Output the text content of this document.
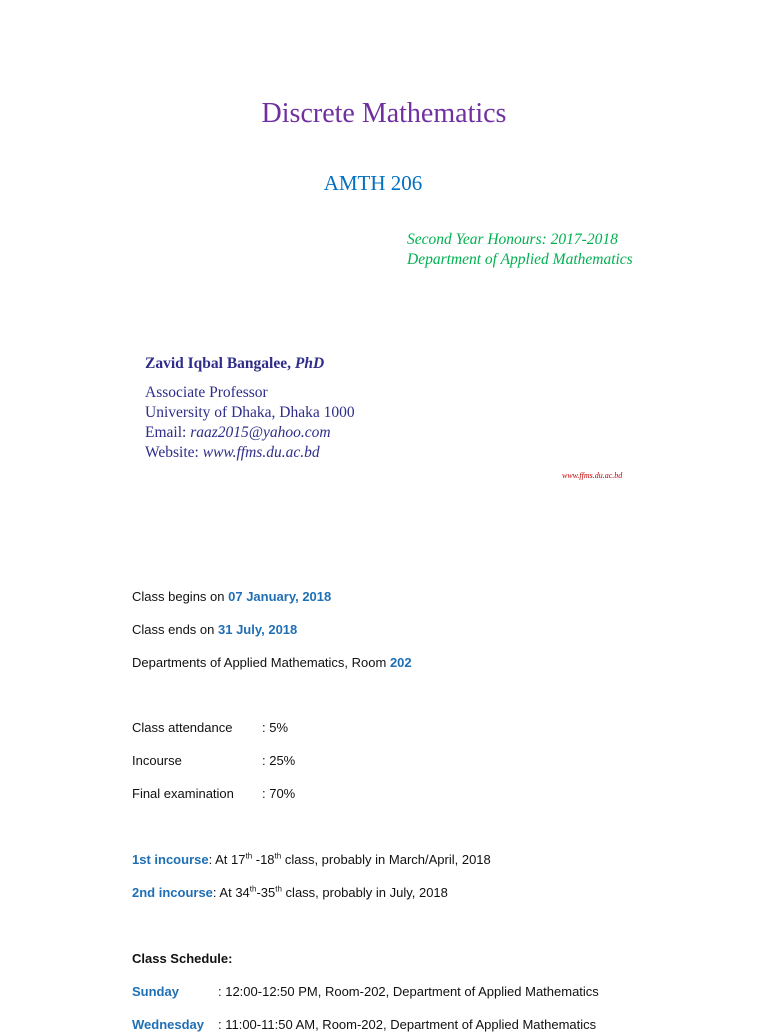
Discrete Mathematics
AMTH 206
Second Year Honours: 2017-2018
Department of Applied Mathematics
Zavid Iqbal Bangalee, PhD
Associate Professor
University of Dhaka, Dhaka 1000
Email: raaz2015@yahoo.com
Website: www.ffms.du.ac.bd
www.ffms.du.ac.bd
Class begins on 07 January, 2018
Class ends on 31 July, 2018
Departments of Applied Mathematics, Room 202
Class attendance : 5%
Incourse	: 25%
Final examination : 70%
1st incourse: At 17th -18th class, probably in March/April, 2018
2nd incourse: At 34th-35th class, probably in July, 2018
Class Schedule:
Sunday	: 12:00-12:50 PM, Room-202, Department of Applied Mathematics
Wednesday : 11:00-11:50 AM, Room-202, Department of Applied Mathematics
